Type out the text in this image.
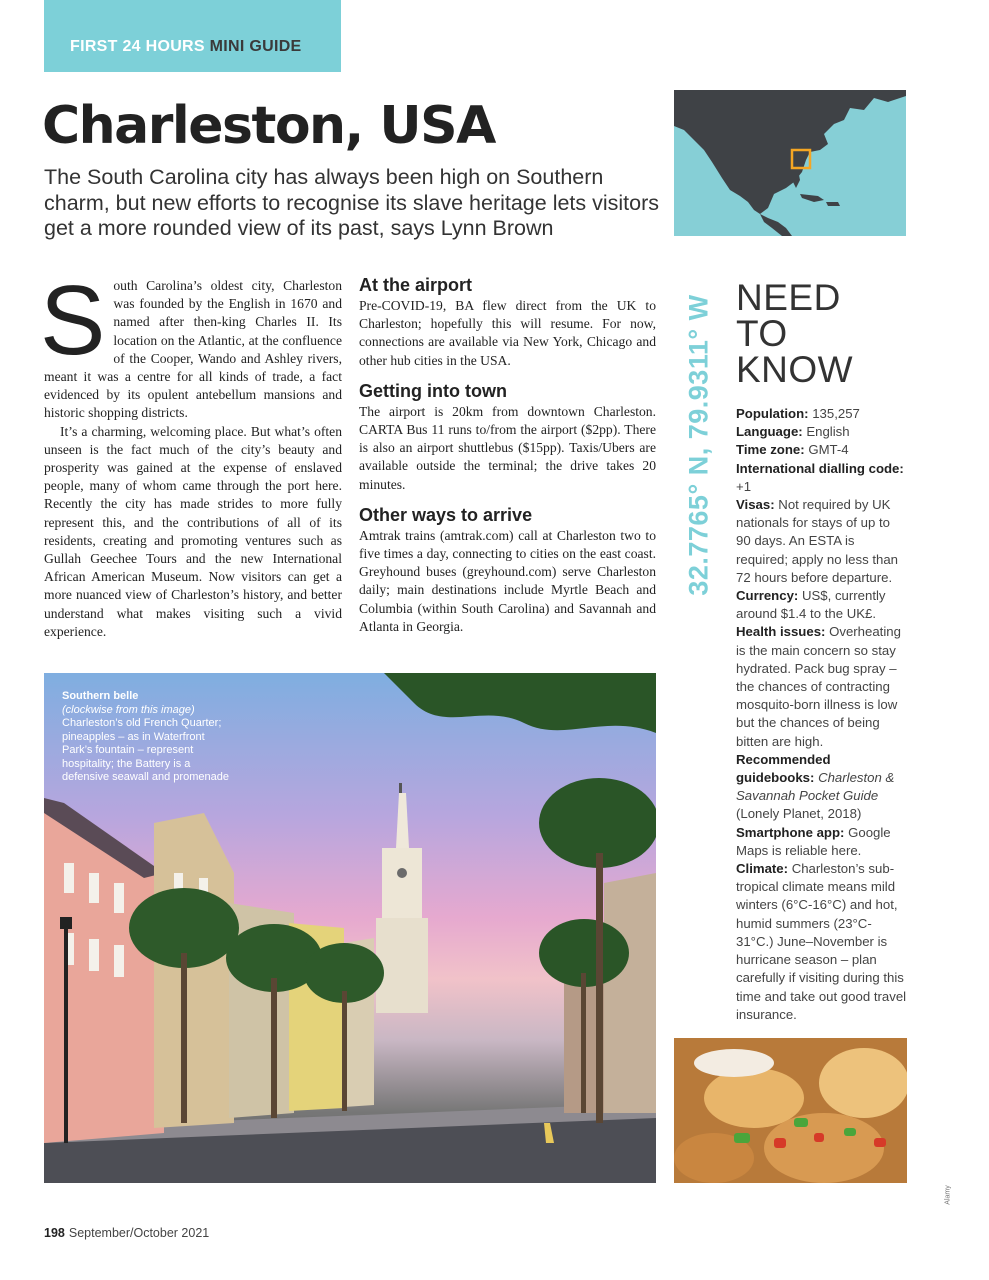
FIRST 24 HOURS MINI GUIDE
Charleston, USA

The South Carolina city has always been high on Southern charm, but new efforts to recognise its slave heritage lets visitors get a more rounded view of its past, says Lynn Brown

South Carolina’s oldest city, Charleston was founded by the English in 1670 and named after then-king Charles II. Its location on the Atlantic, at the confluence of the Cooper, Wando and Ashley rivers, meant it was a centre for all kinds of trade, a fact evidenced by its opulent antebellum mansions and historic shopping districts.

It’s a charming, welcoming place. But what’s often unseen is the fact much of the city’s beauty and prosperity was gained at the expense of enslaved people, many of whom came through the port here. Recently the city has made strides to more fully represent this, and the contributions of all of its residents, creating and promoting ventures such as Gullah Geechee Tours and the new International African American Museum. Now visitors can get a more nuanced view of Charleston’s history, and better understand what makes visiting such a vivid experience.

At the airport

Pre-COVID-19, BA flew direct from the UK to Charleston; hopefully this will resume. For now, connections are available via New York, Chicago and other hub cities in the USA.

Getting into town

The airport is 20km from downtown Charleston. CARTA Bus 11 runs to/from the airport ($2pp). There is also an airport shuttlebus ($15pp). Taxis/Ubers are available outside the terminal; the drive takes 20 minutes.

Other ways to arrive

Amtrak trains (amtrak.com) call at Charleston two to five times a day, connecting to cities on the east coast. Greyhound buses (greyhound.com) serve Charleston daily; main destinations include Myrtle Beach and Columbia (within South Carolina) and Savannah and Atlanta in Georgia.

32.7765° N, 79.9311° W NEED
TO
KNOW
Population: 135,257
Language: English
Time zone: GMT-4
International dialling code: +1
Visas: Not required by UK nationals for stays of up to 90 days. An ESTA is required; apply no less than 72 hours before departure.
Currency: US$, currently around $1.4 to the UK£.
Health issues: Overheating is the main concern so stay hydrated. Pack bug spray – the chances of contracting mosquito-born illness is low but the chances of being bitten are high.
Recommended guidebooks: Charleston & Savannah Pocket Guide (Lonely Planet, 2018)
Smartphone app: Google Maps is reliable here.
Climate: Charleston’s sub-tropical climate means mild winters (6°C-16°C) and hot, humid summers (23°C-31°C.) June–November is hurricane season – plan carefully if visiting during this time and take out good travel insurance.
Southern belle
(clockwise from this image)
Charleston’s old French Quarter; pineapples – as in Waterfront Park’s fountain – represent hospitality; the Battery is a defensive seawall and promenade
Alamy
198 September/October 2021
